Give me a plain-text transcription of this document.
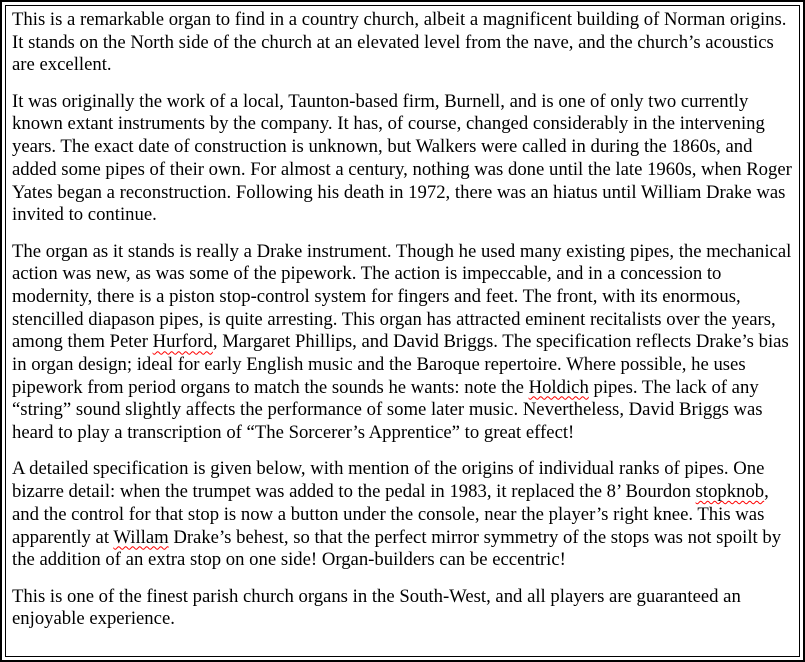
This is a remarkable organ to find in a country church, albeit a magnificent building of Norman origins. It stands on the North side of the church at an elevated level from the nave, and the church’s acoustics are excellent.

It was originally the work of a local, Taunton-based firm, Burnell, and is one of only two currently known extant instruments by the company. It has, of course, changed considerably in the intervening years. The exact date of construction is unknown, but Walkers were called in during the 1860s, and added some pipes of their own. For almost a century, nothing was done until the late 1960s, when Roger Yates began a reconstruction. Following his death in 1972, there was an hiatus until William Drake was invited to continue.

The organ as it stands is really a Drake instrument. Though he used many existing pipes, the mechanical action was new, as was some of the pipework. The action is impeccable, and in a concession to modernity, there is a piston stop-control system for fingers and feet. The front, with its enormous, stencilled diapason pipes, is quite arresting. This organ has attracted eminent recitalists over the years, among them Peter Hurford, Margaret Phillips, and David Briggs. The specification reflects Drake’s bias in organ design; ideal for early English music and the Baroque repertoire. Where possible, he uses pipework from period organs to match the sounds he wants: note the Holdich pipes. The lack of any “string” sound slightly affects the performance of some later music. Nevertheless, David Briggs was heard to play a transcription of “The Sorcerer’s Apprentice” to great effect!

A detailed specification is given below, with mention of the origins of individual ranks of pipes. One bizarre detail: when the trumpet was added to the pedal in 1983, it replaced the 8’ Bourdon stopknob, and the control for that stop is now a button under the console, near the player’s right knee. This was apparently at Willam Drake’s behest, so that the perfect mirror symmetry of the stops was not spoilt by the addition of an extra stop on one side! Organ-builders can be eccentric!

This is one of the finest parish church organs in the South-West, and all players are guaranteed an enjoyable experience.
